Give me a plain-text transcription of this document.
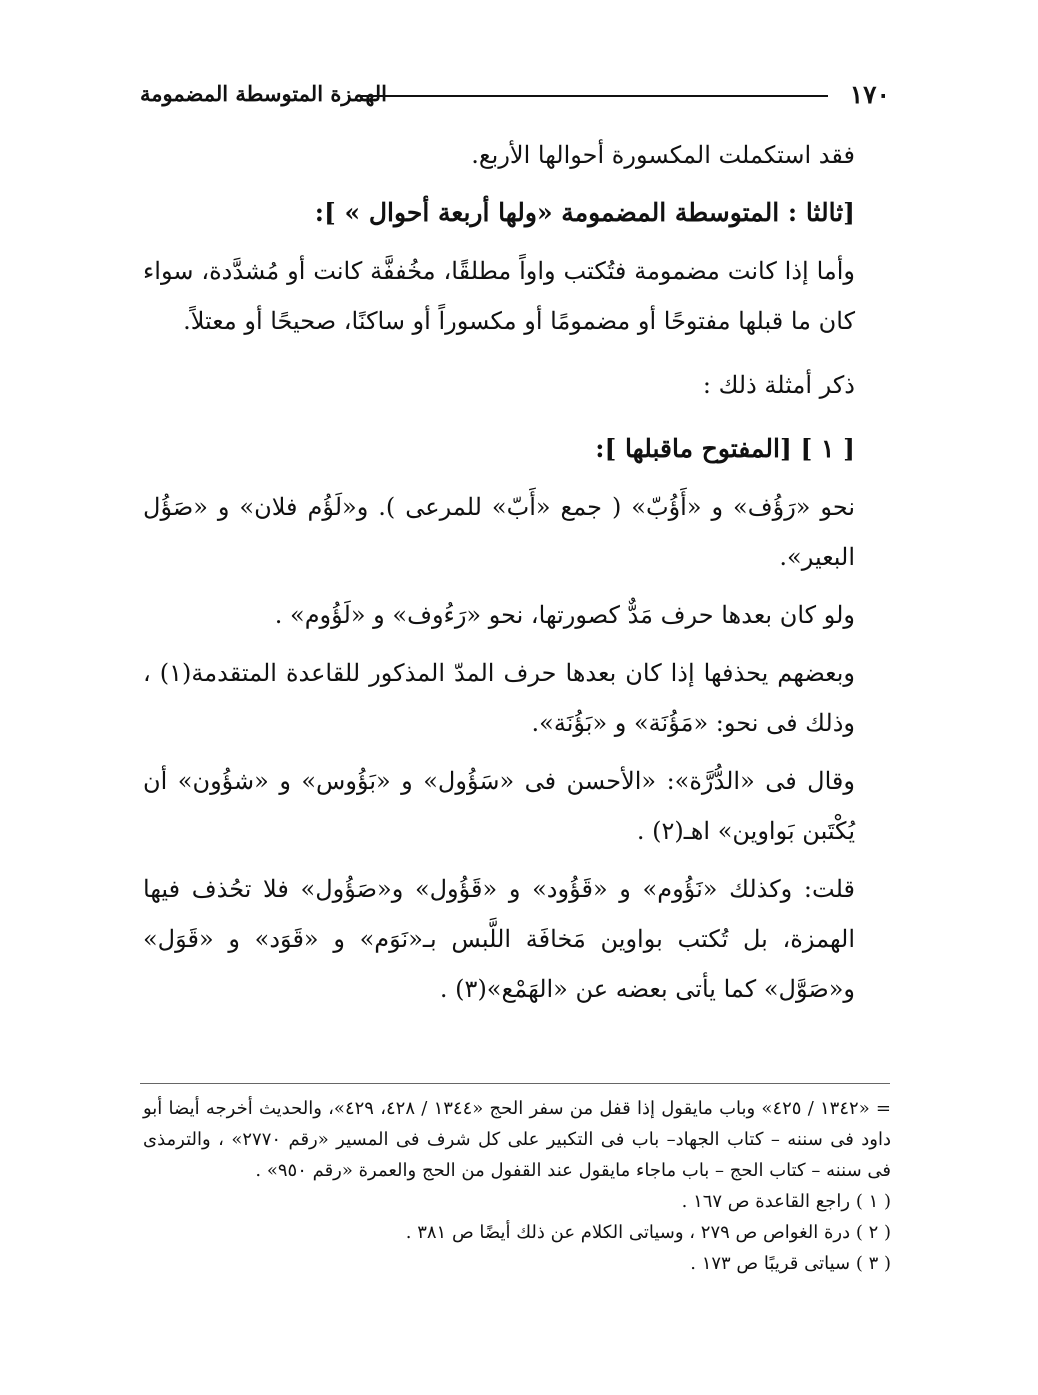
١٧٠
الهمزة المتوسطة المضمومة

فقد استكملت المكسورة أحوالها الأربع.

[ثالثا : المتوسطة المضمومة «ولها أربعة أحوال » ]:

وأما إذا كانت مضمومة فتُكتب واواً مطلقًا، مخُففَّة كانت أو مُشدَّدة، سواء كان ما قبلها مفتوحًا أو مضمومًا أو مكسوراً أو ساكنًا، صحيحًا أو معتلاً.

ذكر أمثلة ذلك :

[ ١ ] [المفتوح ماقبلها ]:

نحو «رَؤُف» و «أَؤُبّ» ( جمع «أَبّ» للمرعى ). و«لَؤُم فلان» و «صَؤُل البعير».

ولو كان بعدها حرف مَدٌّ كصورتها، نحو «رَءُوف» و «لَؤُوم» .

وبعضهم يحذفها إذا كان بعدها حرف المدّ المذكور للقاعدة المتقدمة(١) ، وذلك فى نحو: «مَؤُنَة» و «بَؤُنَة».

وقال فى «الدُّرَّة»: «الأحسن فى «سَؤُول» و «بَؤُوس» و «شؤُون» أن يُكْتَبن بَواوين» اهـ(٢) .

قلت: وكذلك «نَؤُوم» و «قَؤُود» و «قَؤُول» و«صَؤُول» فلا تحُذف فيها الهمزة، بل تُكتب بواوين مَخافَة اللَّبس بـ«نَوَم» و «قَوَد» و «قَوَل» و«صَوَّل» كما يأتى بعضه عن «الهَمْع»(٣) .

= «١٣٤٢ / ٤٢٥» وباب مايقول إذا قفل من سفر الحج «١٣٤٤ / ٤٢٨، ٤٢٩»، والحديث أخرجه أيضا أبو داود فى سننه – كتاب الجهاد– باب فى التكبير على كل شرف فى المسير «رقم ٢٧٧٠» ، والترمذى فى سننه – كتاب الحج – باب ماجاء مايقول عند القفول من الحج والعمرة «رقم ٩٥٠» .

( ١ ) راجع القاعدة ص ١٦٧ .

( ٢ ) درة الغواص ص ٢٧٩ ، وسياتى الكلام عن ذلك أيضًا ص ٣٨١ .

( ٣ ) سياتى قريبًا ص ١٧٣ .
